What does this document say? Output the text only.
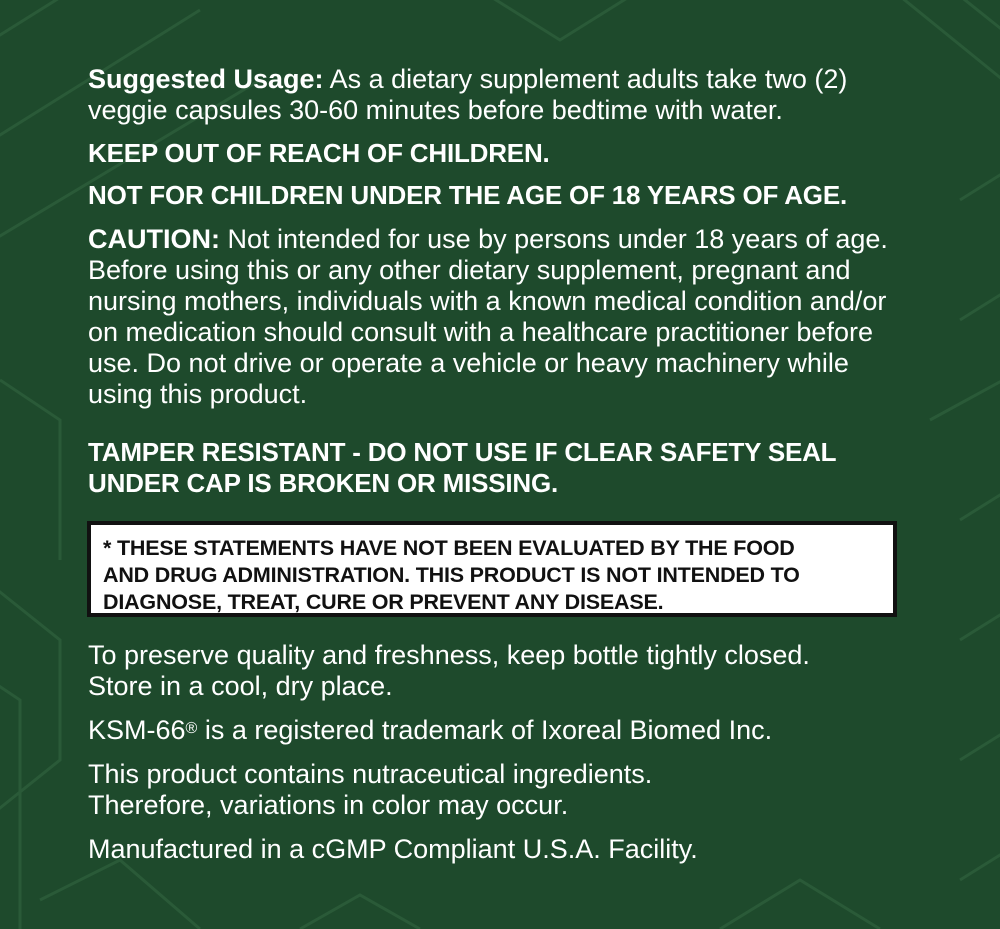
Suggested Usage: As a dietary supplement adults take two (2)
veggie capsules 30-60 minutes before bedtime with water.

KEEP OUT OF REACH OF CHILDREN.

NOT FOR CHILDREN UNDER THE AGE OF 18 YEARS OF AGE.

CAUTION: Not intended for use by persons under 18 years of age.
Before using this or any other dietary supplement, pregnant and
nursing mothers, individuals with a known medical condition and/or
on medication should consult with a healthcare practitioner before
use. Do not drive or operate a vehicle or heavy machinery while
using this product.

TAMPER RESISTANT - DO NOT USE IF CLEAR SAFETY SEAL
UNDER CAP IS BROKEN OR MISSING.

* THESE STATEMENTS HAVE NOT BEEN EVALUATED BY THE FOOD
AND DRUG ADMINISTRATION. THIS PRODUCT IS NOT INTENDED TO
DIAGNOSE, TREAT, CURE OR PREVENT ANY DISEASE.

To preserve quality and freshness, keep bottle tightly closed.
Store in a cool, dry place.

KSM-66® is a registered trademark of Ixoreal Biomed Inc.

This product contains nutraceutical ingredients.
Therefore, variations in color may occur.

Manufactured in a cGMP Compliant U.S.A. Facility.
